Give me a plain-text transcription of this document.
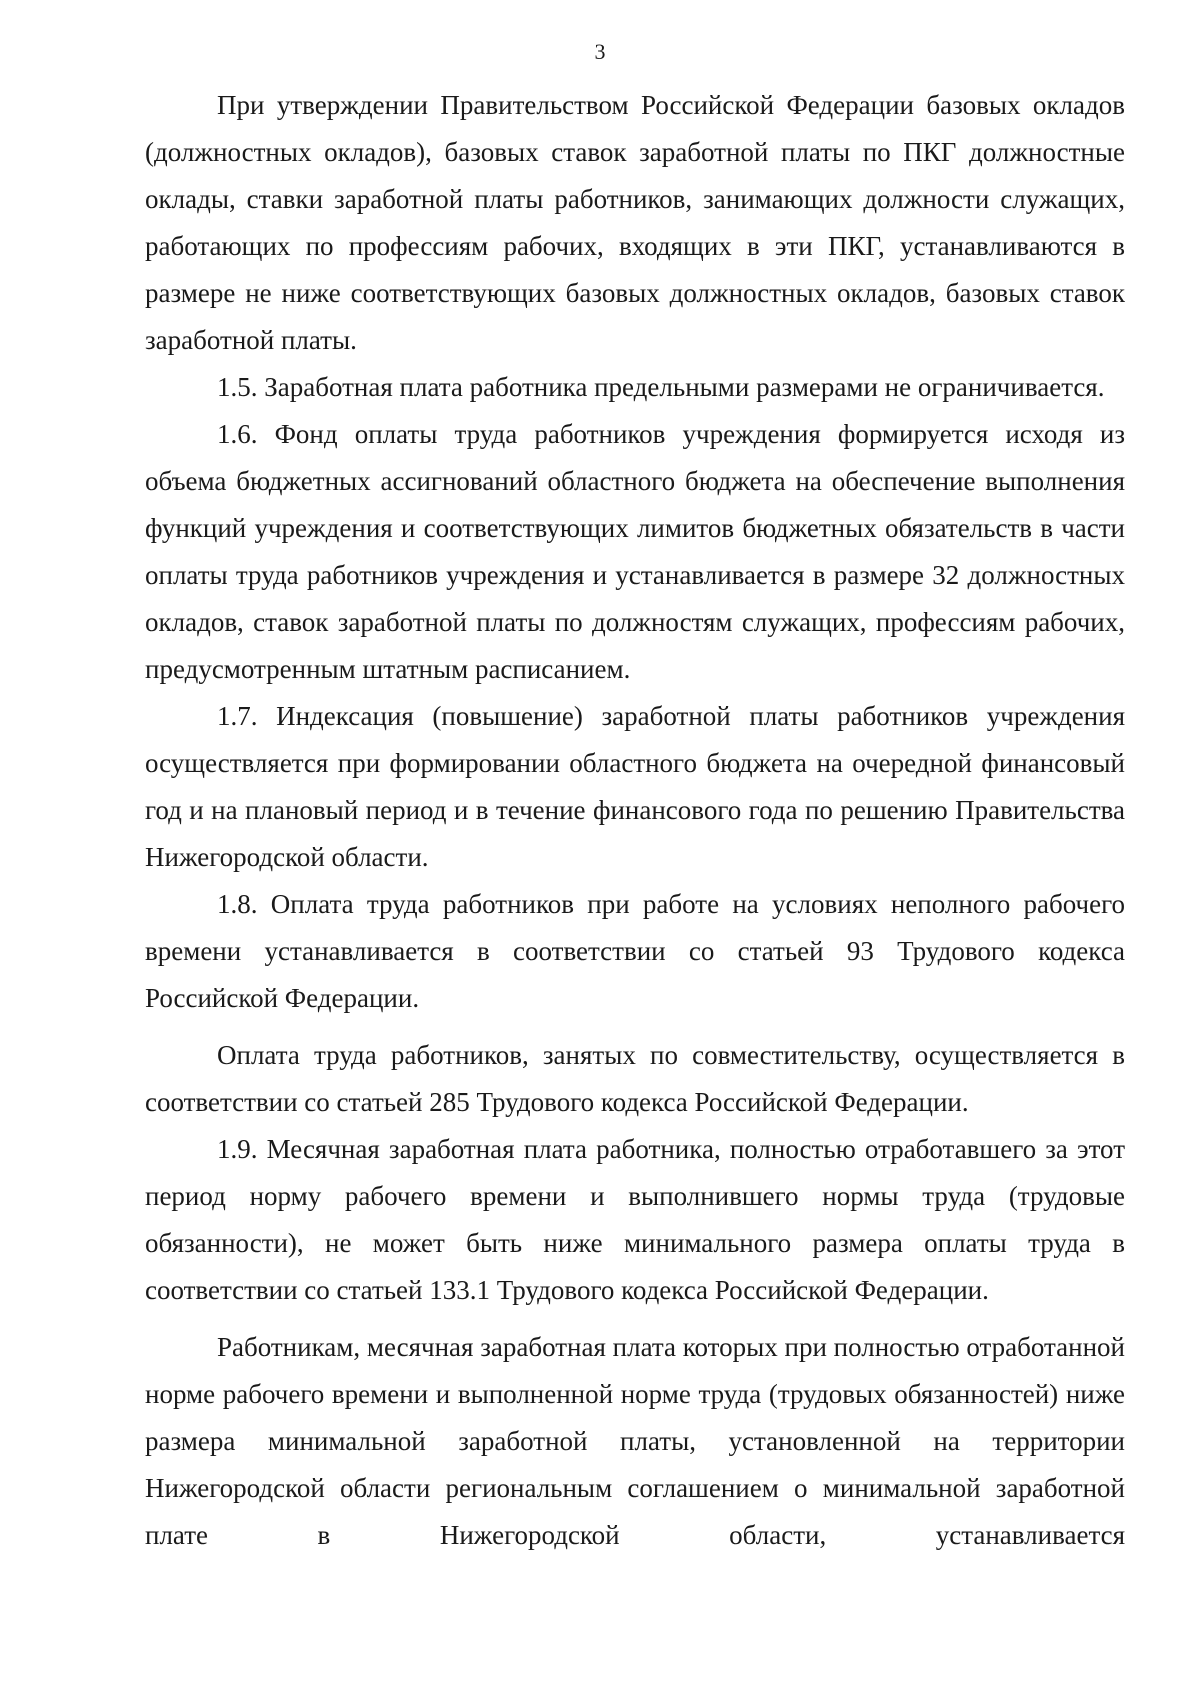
3

При утверждении Правительством Российской Федерации базовых окладов (должностных окладов), базовых ставок заработной платы по ПКГ должностные оклады, ставки заработной платы работников, занимающих должности служащих, работающих по профессиям рабочих, входящих в эти ПКГ, устанавливаются в размере не ниже соответствующих базовых должностных окладов, базовых ставок заработной платы.

1.5. Заработная плата работника предельными размерами не ограничивается.

1.6. Фонд оплаты труда работников учреждения формируется исходя из объема бюджетных ассигнований областного бюджета на обеспечение выполнения функций учреждения и соответствующих лимитов бюджетных обязательств в части оплаты труда работников учреждения и устанавливается в размере 32 должностных окладов, ставок заработной платы по должностям служащих, профессиям рабочих, предусмотренным штатным расписанием.

1.7. Индексация (повышение) заработной платы работников учреждения осуществляется при формировании областного бюджета на очередной финансовый год и на плановый период и в течение финансового года по решению Правительства Нижегородской области.

1.8. Оплата труда работников при работе на условиях неполного рабочего времени устанавливается в соответствии со статьей 93 Трудового кодекса Российской Федерации.

Оплата труда работников, занятых по совместительству, осуществляется в соответствии со статьей 285 Трудового кодекса Российской Федерации.

1.9. Месячная заработная плата работника, полностью отработавшего за этот период норму рабочего времени и выполнившего нормы труда (трудовые обязанности), не может быть ниже минимального размера оплаты труда в соответствии со статьей 133.1 Трудового кодекса Российской Федерации.

Работникам, месячная заработная плата которых при полностью отработанной норме рабочего времени и выполненной норме труда (трудовых обязанностей) ниже размера минимальной заработной платы, установленной на территории Нижегородской области региональным соглашением о минимальной заработной плате в Нижегородской области, устанавливается
